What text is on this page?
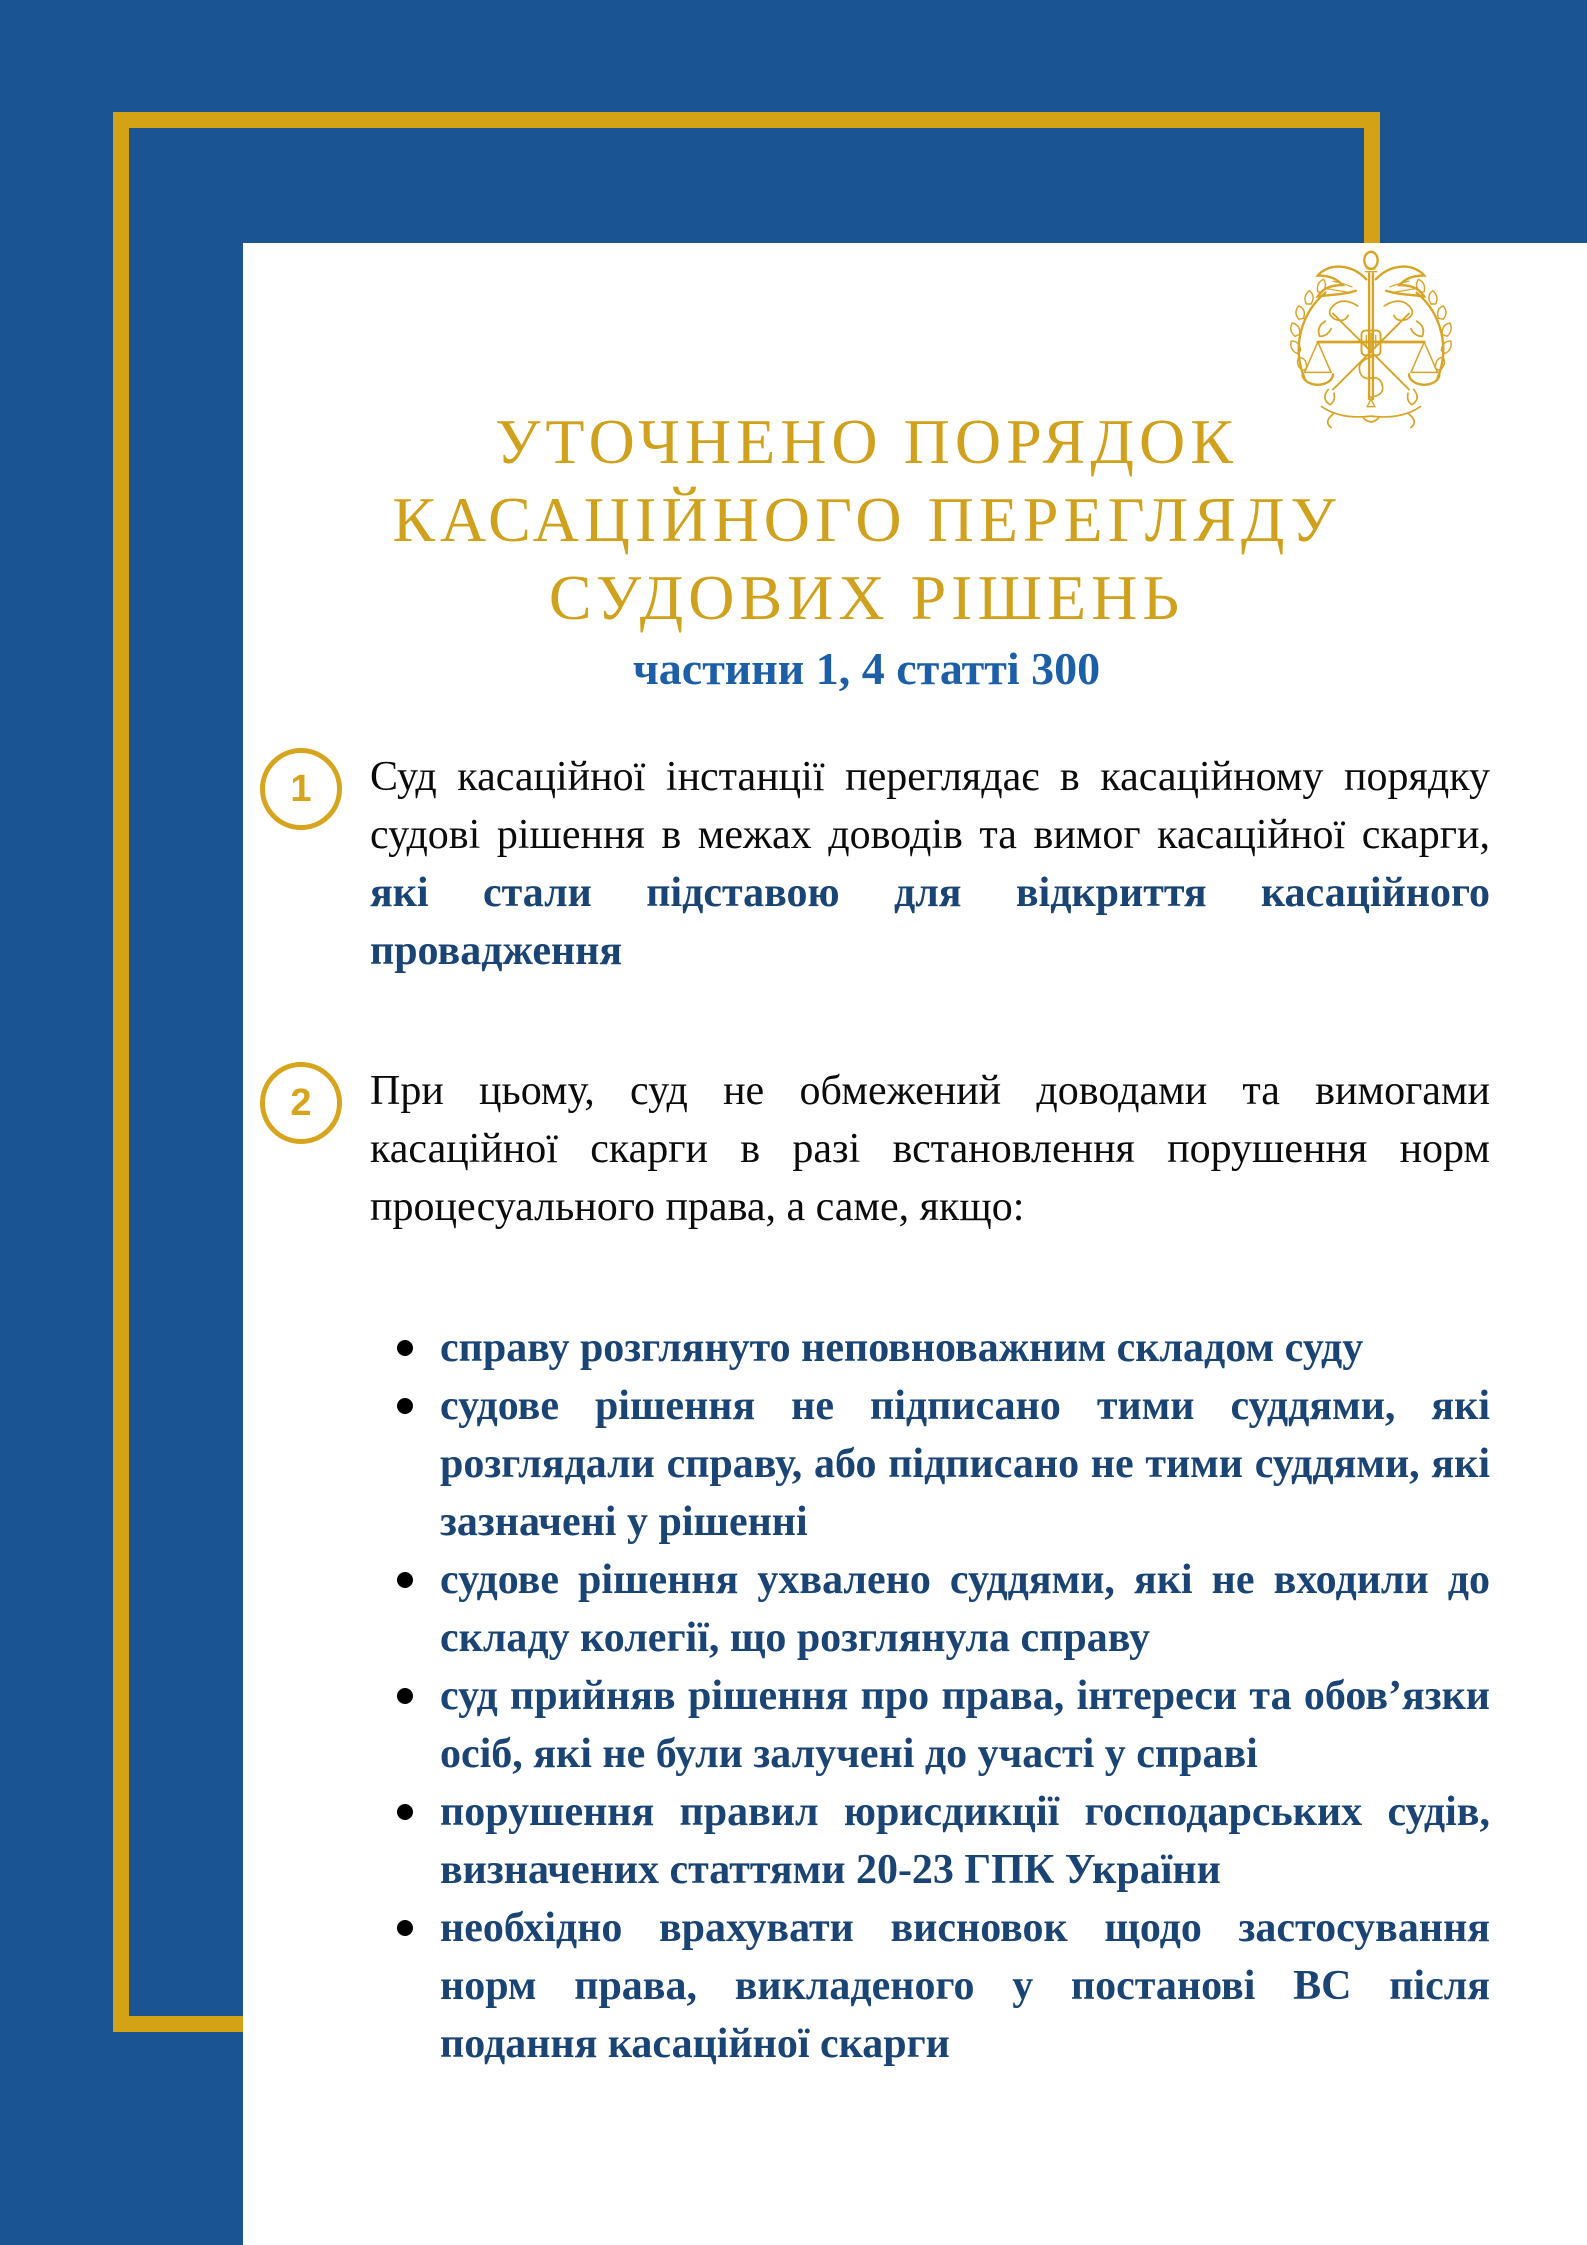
УТОЧНЕНО ПОРЯДОК
КАСАЦІЙНОГО ПЕРЕГЛЯДУ
СУДОВИХ РІШЕНЬ
частини 1, 4 статті 300
1 Суд касаційної інстанції переглядає в касаційному порядку судові рішення в межах доводів та вимог касаційної скарги, які стали підставою для відкриття касаційного провадження

2 При цьому, суд не обмежений доводами та вимогами касаційної скарги в разі встановлення порушення норм процесуального права, а саме, якщо:

справу розглянуто неповноважним складом суду
судове рішення не підписано тими суддями, які розглядали справу, або підписано не тими суддями, які зазначені у рішенні
судове рішення ухвалено суддями, які не входили до складу колегії, що розглянула справу
суд прийняв рішення про права, інтереси та обов’язки осіб, які не були залучені до участі у справі
порушення правил юрисдикції господарських судів, визначених статтями 20-23 ГПК України
необхідно врахувати висновок щодо застосування норм права, викладеного у постанові ВС після подання касаційної скарги
